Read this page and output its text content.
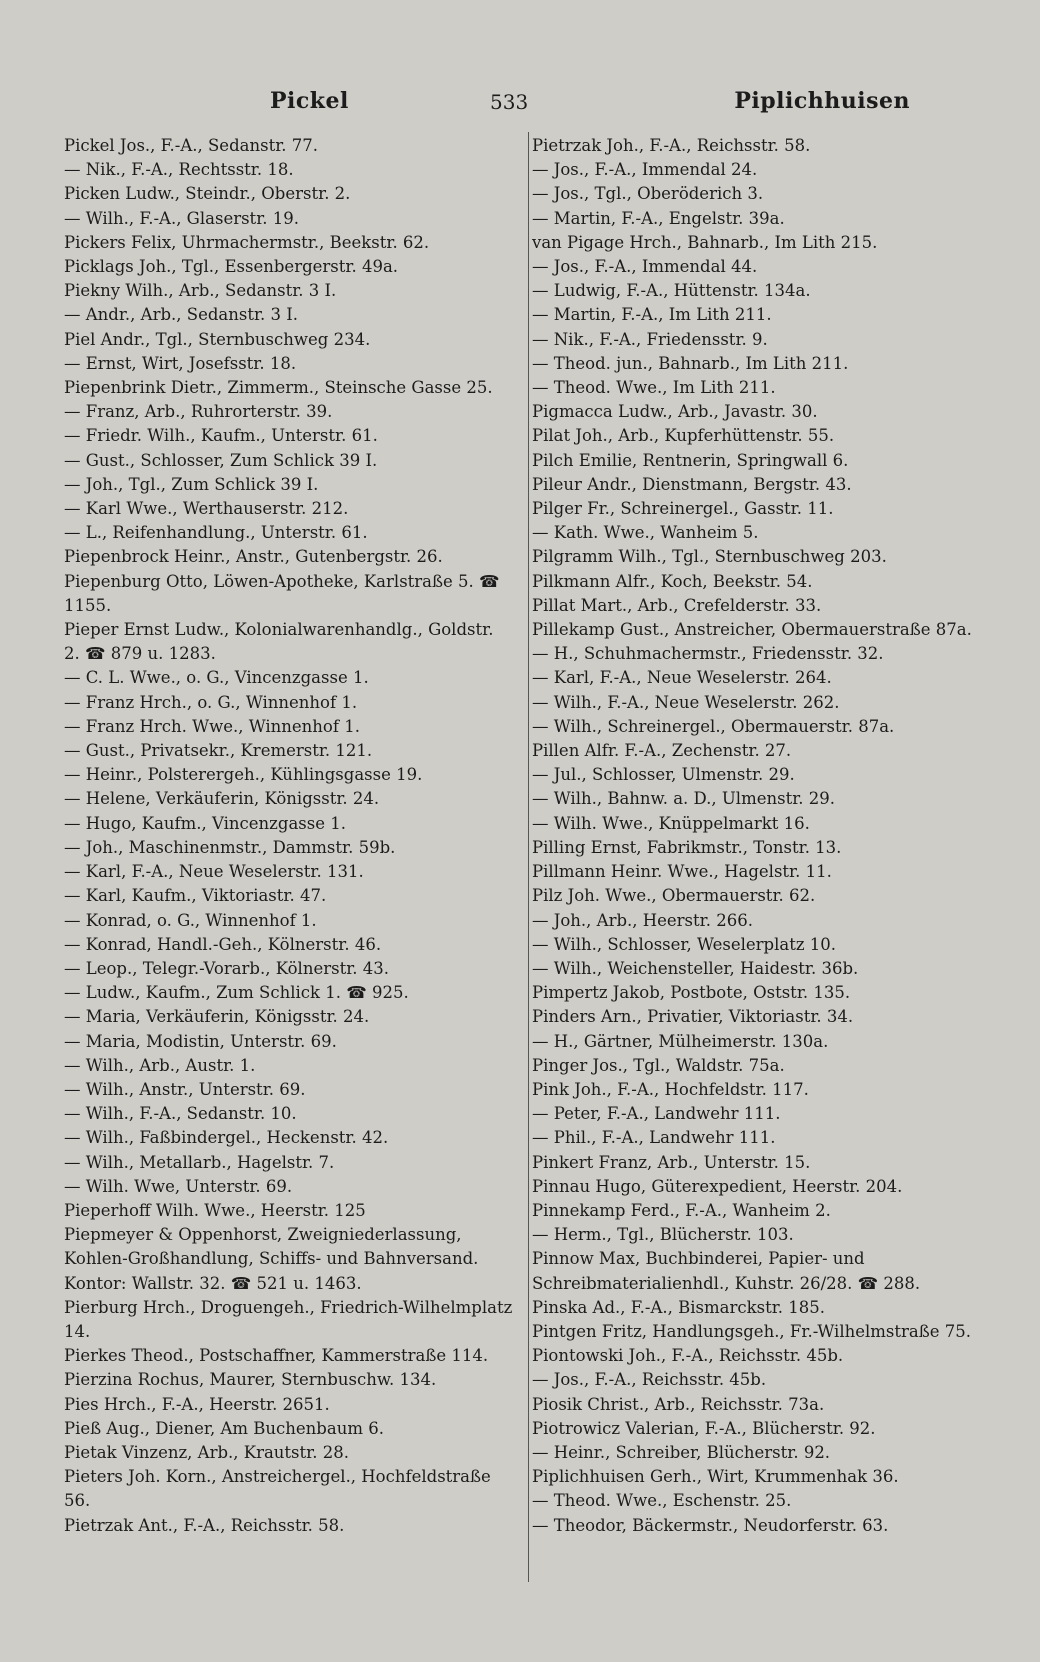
Pickel	533	Piplichhuisen
Pickel Jos., F.-A., Sedanstr. 77.
— Nik., F.-A., Rechtsstr. 18.
Picken Ludw., Steindr., Oberstr. 2.
— Wilh., F.-A., Glaserstr. 19.
Pickers Felix, Uhrmachermstr., Beekstr. 62.
Picklags Joh., Tgl., Essenbergerstr. 49a.
Piekny Wilh., Arb., Sedanstr. 3 I.
— Andr., Arb., Sedanstr. 3 I.
Piel Andr., Tgl., Sternbuschweg 234.
— Ernst, Wirt, Josefsstr. 18.
Piepenbrink Dietr., Zimmerm., Steinsche Gasse 25.
— Franz, Arb., Ruhrorterstr. 39.
— Friedr. Wilh., Kaufm., Unterstr. 61.
— Gust., Schlosser, Zum Schlick 39 I.
— Joh., Tgl., Zum Schlick 39 I.
— Karl Wwe., Werthauserstr. 212.
— L., Reifenhandlung., Unterstr. 61.
Piepenbrock Heinr., Anstr., Gutenbergstr. 26.
Piepenburg Otto, Löwen-Apotheke, Karlstraße 5. ☎ 1155.
Pieper Ernst Ludw., Kolonialwarenhandlg., Goldstr. 2. ☎ 879 u. 1283.
— C. L. Wwe., o. G., Vincenzgasse 1.
— Franz Hrch., o. G., Winnenhof 1.
— Franz Hrch. Wwe., Winnenhof 1.
— Gust., Privatsekr., Kremerstr. 121.
— Heinr., Polsterergeh., Kühlingsgasse 19.
— Helene, Verkäuferin, Königsstr. 24.
— Hugo, Kaufm., Vincenzgasse 1.
— Joh., Maschinenmstr., Dammstr. 59b.
— Karl, F.-A., Neue Weselerstr. 131.
— Karl, Kaufm., Viktoriastr. 47.
— Konrad, o. G., Winnenhof 1.
— Konrad, Handl.-Geh., Kölnerstr. 46.
— Leop., Telegr.-Vorarb., Kölnerstr. 43.
— Ludw., Kaufm., Zum Schlick 1. ☎ 925.
— Maria, Verkäuferin, Königsstr. 24.
— Maria, Modistin, Unterstr. 69.
— Wilh., Arb., Austr. 1.
— Wilh., Anstr., Unterstr. 69.
— Wilh., F.-A., Sedanstr. 10.
— Wilh., Faßbindergel., Heckenstr. 42.
— Wilh., Metallarb., Hagelstr. 7.
— Wilh. Wwe, Unterstr. 69.
Pieperhoff Wilh. Wwe., Heerstr. 125
Piepmeyer & Oppenhorst, Zweigniederlassung, Kohlen-Großhandlung, Schiffs- und Bahnversand. Kontor: Wallstr. 32. ☎ 521 u. 1463.
Pierburg Hrch., Droguengeh., Friedrich-Wilhelmplatz 14.
Pierkes Theod., Postschaffner, Kammerstraße 114.
Pierzina Rochus, Maurer, Sternbuschw. 134.
Pies Hrch., F.-A., Heerstr. 2651.
Pieß Aug., Diener, Am Buchenbaum 6.
Pietak Vinzenz, Arb., Krautstr. 28.
Pieters Joh. Korn., Anstreichergel., Hochfeldstraße 56.
Pietrzak Ant., F.-A., Reichsstr. 58.
Pietrzak Joh., F.-A., Reichsstr. 58.
— Jos., F.-A., Immendal 24.
— Jos., Tgl., Oberöderich 3.
— Martin, F.-A., Engelstr. 39a.
van Pigage Hrch., Bahnarb., Im Lith 215.
— Jos., F.-A., Immendal 44.
— Ludwig, F.-A., Hüttenstr. 134a.
— Martin, F.-A., Im Lith 211.
— Nik., F.-A., Friedensstr. 9.
— Theod. jun., Bahnarb., Im Lith 211.
— Theod. Wwe., Im Lith 211.
Pigmacca Ludw., Arb., Javastr. 30.
Pilat Joh., Arb., Kupferhüttenstr. 55.
Pilch Emilie, Rentnerin, Springwall 6.
Pileur Andr., Dienstmann, Bergstr. 43.
Pilger Fr., Schreinergel., Gasstr. 11.
— Kath. Wwe., Wanheim 5.
Pilgramm Wilh., Tgl., Sternbuschweg 203.
Pilkmann Alfr., Koch, Beekstr. 54.
Pillat Mart., Arb., Crefelderstr. 33.
Pillekamp Gust., Anstreicher, Obermauerstraße 87a.
— H., Schuhmachermstr., Friedensstr. 32.
— Karl, F.-A., Neue Weselerstr. 264.
— Wilh., F.-A., Neue Weselerstr. 262.
— Wilh., Schreinergel., Obermauerstr. 87a.
Pillen Alfr. F.-A., Zechenstr. 27.
— Jul., Schlosser, Ulmenstr. 29.
— Wilh., Bahnw. a. D., Ulmenstr. 29.
— Wilh. Wwe., Knüppelmarkt 16.
Pilling Ernst, Fabrikmstr., Tonstr. 13.
Pillmann Heinr. Wwe., Hagelstr. 11.
Pilz Joh. Wwe., Obermauerstr. 62.
— Joh., Arb., Heerstr. 266.
— Wilh., Schlosser, Weselerplatz 10.
— Wilh., Weichensteller, Haidestr. 36b.
Pimpertz Jakob, Postbote, Oststr. 135.
Pinders Arn., Privatier, Viktoriastr. 34.
— H., Gärtner, Mülheimerstr. 130a.
Pinger Jos., Tgl., Waldstr. 75a.
Pink Joh., F.-A., Hochfeldstr. 117.
— Peter, F.-A., Landwehr 111.
— Phil., F.-A., Landwehr 111.
Pinkert Franz, Arb., Unterstr. 15.
Pinnau Hugo, Güterexpedient, Heerstr. 204.
Pinnekamp Ferd., F.-A., Wanheim 2.
— Herm., Tgl., Blücherstr. 103.
Pinnow Max, Buchbinderei, Papier- und Schreibmaterialienhdl., Kuhstr. 26/28. ☎ 288.
Pinska Ad., F.-A., Bismarckstr. 185.
Pintgen Fritz, Handlungsgeh., Fr.-Wilhelmstraße 75.
Piontowski Joh., F.-A., Reichsstr. 45b.
— Jos., F.-A., Reichsstr. 45b.
Piosik Christ., Arb., Reichsstr. 73a.
Piotrowicz Valerian, F.-A., Blücherstr. 92.
— Heinr., Schreiber, Blücherstr. 92.
Piplichhuisen Gerh., Wirt, Krummenhak 36.
— Theod. Wwe., Eschenstr. 25.
— Theodor, Bäckermstr., Neudorferstr. 63.
